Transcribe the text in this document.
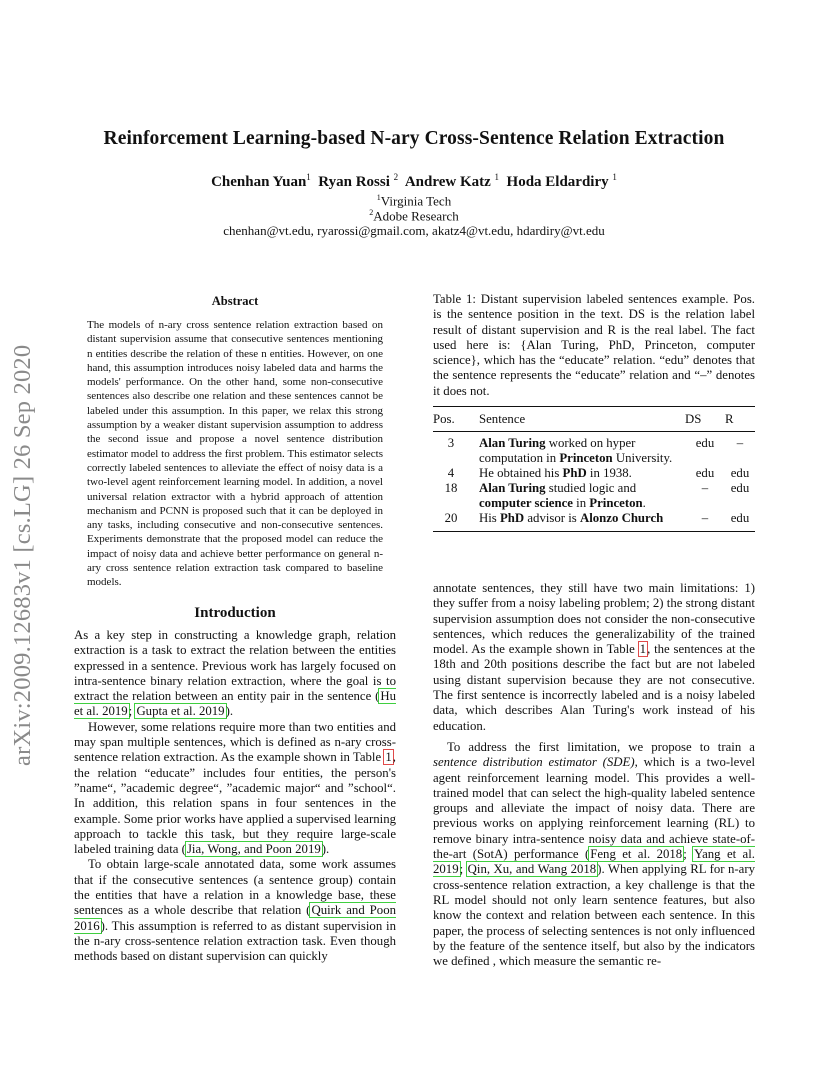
arXiv:2009.12683v1 [cs.LG] 26 Sep 2020
Reinforcement Learning-based N-ary Cross-Sentence Relation Extraction
Chenhan Yuan$^1$ Ryan Rossi $^2$ Andrew Katz $^1$ Hoda Eldardiry $^1$
$^1$Virginia Tech
$^2$Adobe Research
chenhan@vt.edu, ryarossi@gmail.com, akatz4@vt.edu, hdardiry@vt.edu
Abstract
The models of n-ary cross sentence relation extraction based on distant supervision assume that consecutive sentences mentioning n entities describe the relation of these n entities. However, on one hand, this assumption introduces noisy labeled data and harms the models' performance. On the other hand, some non-consecutive sentences also describe one relation and these sentences cannot be labeled under this assumption. In this paper, we relax this strong assumption by a weaker distant supervision assumption to address the second issue and propose a novel sentence distribution estimator model to address the first problem. This estimator selects correctly labeled sentences to alleviate the effect of noisy data is a two-level agent reinforcement learning model. In addition, a novel universal relation extractor with a hybrid approach of attention mechanism and PCNN is proposed such that it can be deployed in any tasks, including consecutive and non-consecutive sentences. Experiments demonstrate that the proposed model can reduce the impact of noisy data and achieve better performance on general n-ary cross sentence relation extraction task compared to baseline models.
Introduction

As a key step in constructing a knowledge graph, relation extraction is a task to extract the relation between the entities expressed in a sentence. Previous work has largely focused on intra-sentence binary relation extraction, where the goal is to extract the relation between an entity pair in the sentence (Hu et al. 2019; Gupta et al. 2019).

However, some relations require more than two entities and may span multiple sentences, which is defined as n-ary cross-sentence relation extraction. As the example shown in Table 1, the relation “educate” includes four entities, the person's ”name“, ”academic degree“, ”academic major“ and ”school“. In addition, this relation spans in four sentences in the example. Some prior works have applied a supervised learning approach to tackle this task, but they require large-scale labeled training data (Jia, Wong, and Poon 2019).

To obtain large-scale annotated data, some work assumes that if the consecutive sentences (a sentence group) contain the entities that have a relation in a knowledge base, these sentences as a whole describe that relation (Quirk and Poon 2016). This assumption is referred to as distant supervision in the n-ary cross-sentence relation extraction task. Even though methods based on distant supervision can quickly

Table 1: Distant supervision labeled sentences example. Pos. is the sentence position in the text. DS is the relation label result of distant supervision and R is the real label. The fact used here is: {Alan Turing, PhD, Princeton, computer science}, which has the “educate” relation. “edu” denotes that the sentence represents the “educate” relation and “–” denotes it does not.
Pos.	Sentence	DS	R
3	Alan Turing worked on hyper computation in Princeton University.	edu	–
4	He obtained his PhD in 1938.	edu	edu
18	Alan Turing studied logic and computer science in Princeton.	–	edu
20	His PhD advisor is Alonzo Church	–	edu

annotate sentences, they still have two main limitations: 1) they suffer from a noisy labeling problem; 2) the strong distant supervision assumption does not consider the non-consecutive sentences, which reduces the generalizability of the trained model. As the example shown in Table 1, the sentences at the 18th and 20th positions describe the fact but are not labeled using distant supervision because they are not consecutive. The first sentence is incorrectly labeled and is a noisy labeled data, which describes Alan Turing's work instead of his education.

To address the first limitation, we propose to train a sentence distribution estimator (SDE), which is a two-level agent reinforcement learning model. This provides a well-trained model that can select the high-quality labeled sentence groups and alleviate the impact of noisy data. There are previous works on applying reinforcement learning (RL) to remove binary intra-sentence noisy data and achieve state-of-the-art (SotA) performance (Feng et al. 2018; Yang et al. 2019; Qin, Xu, and Wang 2018). When applying RL for n-ary cross-sentence relation extraction, a key challenge is that the RL model should not only learn sentence features, but also know the context and relation between each sentence. In this paper, the process of selecting sentences is not only influenced by the feature of the sentence itself, but also by the indicators we defined , which measure the semantic re-
